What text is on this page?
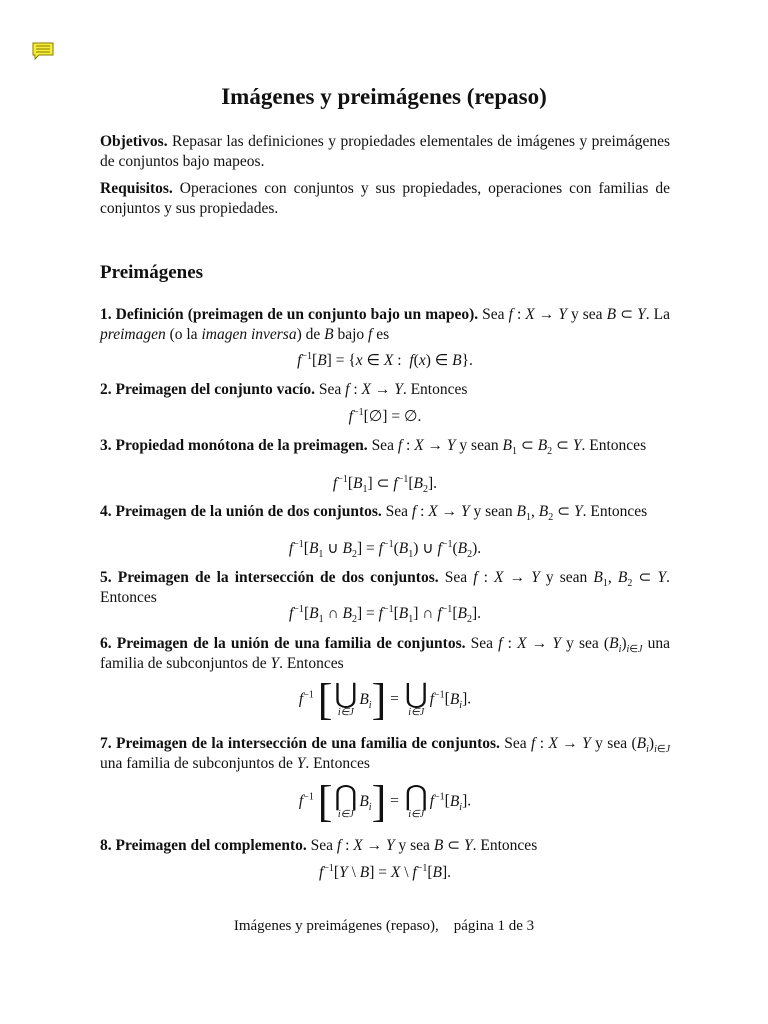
Imágenes y preimágenes (repaso)
Objetivos. Repasar las definiciones y propiedades elementales de imágenes y preimágenes de conjuntos bajo mapeos.
Requisitos. Operaciones con conjuntos y sus propiedades, operaciones con familias de conjuntos y sus propiedades.
Preimágenes
1. Definición (preimagen de un conjunto bajo un mapeo). Sea f : X → Y y sea B ⊂ Y. La preimagen (o la imagen inversa) de B bajo f es
$f^{-1}[B] = \{x$ ∈ X :  f(x) ∈ B}.
2. Preimagen del conjunto vacío. Sea f : X → Y. Entonces
$f^{-1}[\emptyset]$ = ∅.
3. Propiedad monótona de la preimagen. Sea f : X → Y y sean $B_1$ ⊂ $B_2$ ⊂ Y. Entonces
$f^{-1}[B_1]$ ⊂ $f^{-1}[B_2]$.
4. Preimagen de la unión de dos conjuntos. Sea f : X → Y y sean $B_1$, $B_2$ ⊂ Y. Entonces
$f^{-1}[B_1$ ∪ $B_2] = f^{-1}(B_1)$ ∪ $f^{-1}(B_2)$.
5. Preimagen de la intersección de dos conjuntos. Sea f : X → Y y sean $B_1$, $B_2$ ⊂ Y. Entonces
$f^{-1}[B_1$ ∩ $B_2] = f^{-1}[B_1]$ ∩ $f^{-1}[B_2]$.
6. Preimagen de la unión de una familia de conjuntos. Sea f : X → Y y sea $(B_i)_{i\in J}$ una familia de subconjuntos de Y. Entonces
$f^{-1}$ [ ⋃
i∈J
$B_i$] = ⋃
i∈J
$f^{-1}[B_i]$.
7. Preimagen de la intersección de una familia de conjuntos. Sea f : X → Y y sea $(B_i)_{i\in J}$ una familia de subconjuntos de Y. Entonces
$f^{-1}$ [ ⋂
i∈J
$B_i$] = ⋂
i∈J
$f^{-1}[B_i]$.
8. Preimagen del complemento. Sea f : X → Y y sea B ⊂ Y. Entonces
$f^{-1}[Y$ \ B] = X \ $f^{-1}[B]$.
Imágenes y preimágenes (repaso),    página 1 de 3
